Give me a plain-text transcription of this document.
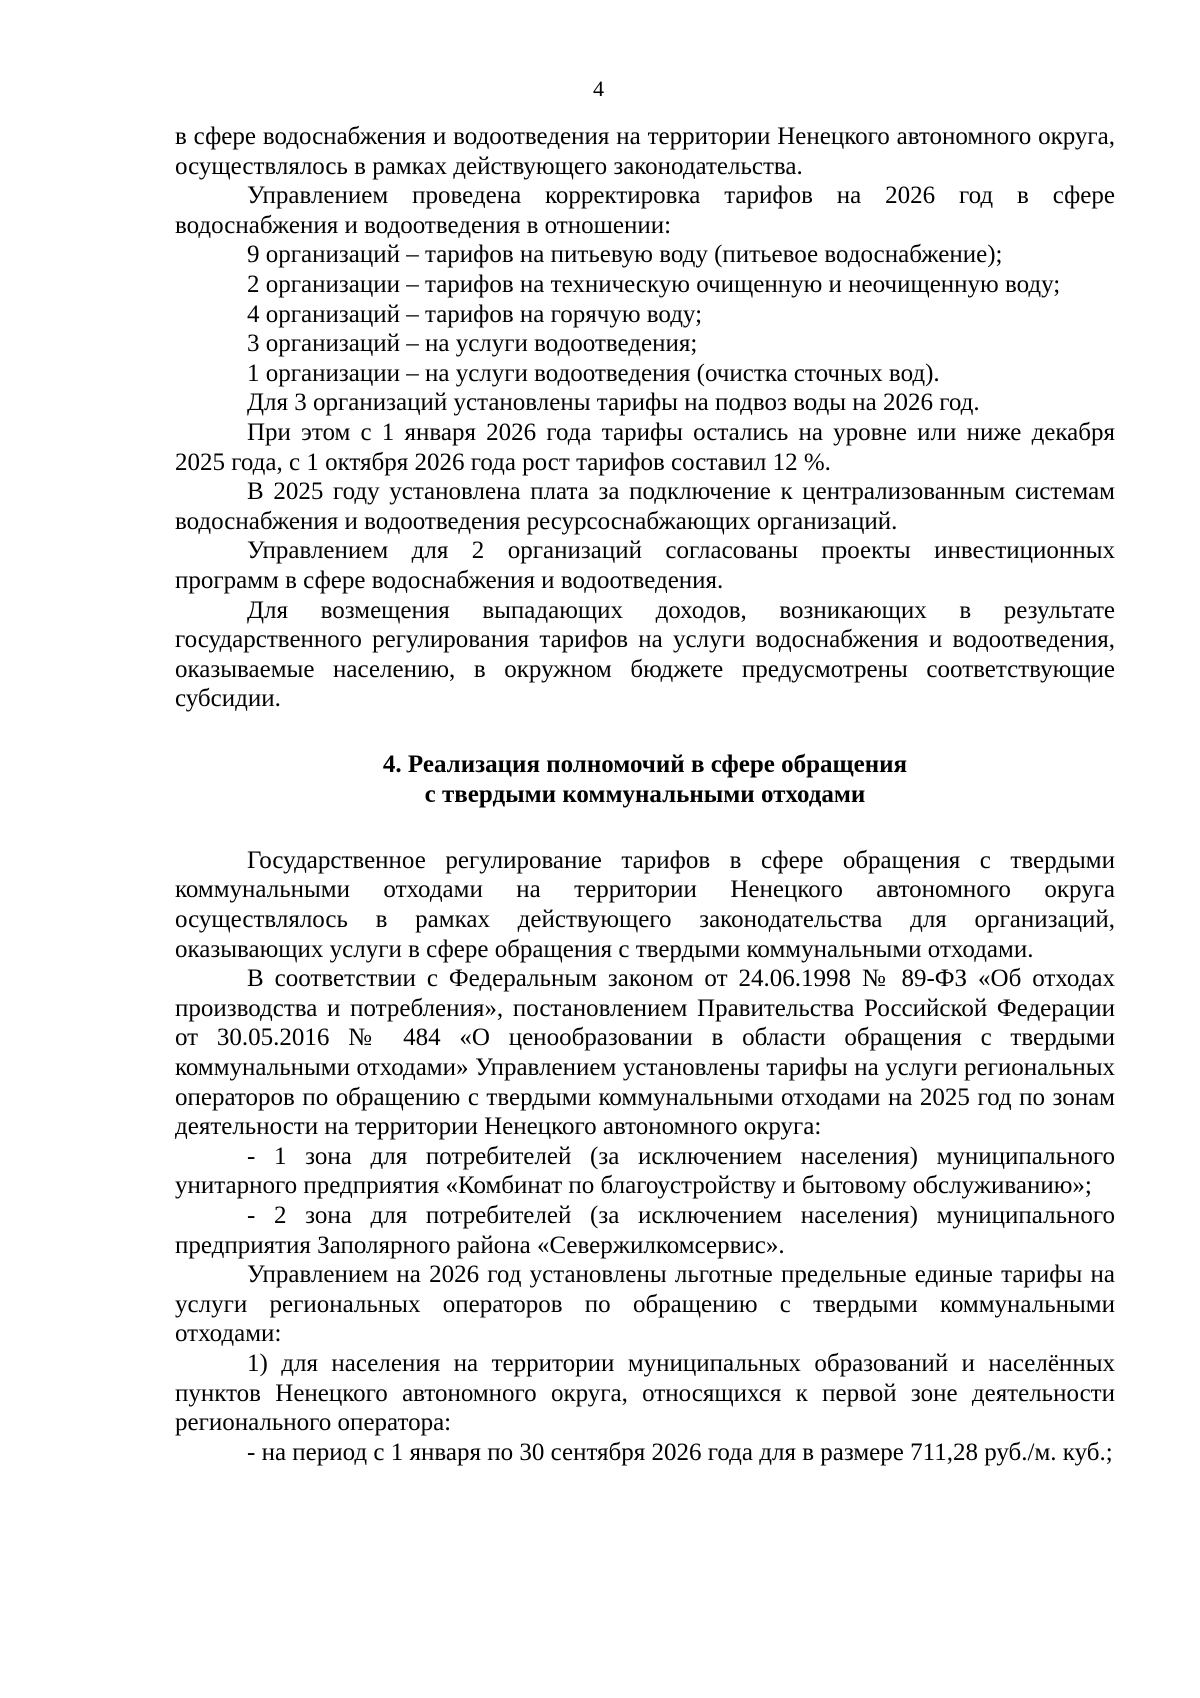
4

в сфере водоснабжения и водоотведения на территории Ненецкого автономного округа, осуществлялось в рамках действующего законодательства.

Управлением проведена корректировка тарифов на 2026 год в сфере водоснабжения и водоотведения в отношении:

9 организаций – тарифов на питьевую воду (питьевое водоснабжение);

2 организации – тарифов на техническую очищенную и неочищенную воду;

4 организаций – тарифов на горячую воду;

3 организаций – на услуги водоотведения;

1 организации – на услуги водоотведения (очистка сточных вод).

Для 3 организаций установлены тарифы на подвоз воды на 2026 год.

При этом с 1 января 2026 года тарифы остались на уровне или ниже декабря 2025 года, с 1 октября 2026 года рост тарифов составил 12 %.

В 2025 году установлена плата за подключение к централизованным системам водоснабжения и водоотведения ресурсоснабжающих организаций.

Управлением для 2 организаций согласованы проекты инвестиционных программ в сфере водоснабжения и водоотведения.

Для возмещения выпадающих доходов, возникающих в результате государственного регулирования тарифов на услуги водоснабжения и водоотведения, оказываемые населению, в окружном бюджете предусмотрены соответствующие субсидии.

4. Реализация полномочий в сфере обращения
с твердыми коммунальными отходами

Государственное регулирование тарифов в сфере обращения с твердыми коммунальными отходами на территории Ненецкого автономного округа осуществлялось в рамках действующего законодательства для организаций, оказывающих услуги в сфере обращения с твердыми коммунальными отходами.

В соответствии с Федеральным законом от 24.06.1998 № 89-ФЗ «Об отходах производства и потребления», постановлением Правительства Российской Федерации от 30.05.2016 № 484 «О ценообразовании в области обращения с твердыми коммунальными отходами» Управлением установлены тарифы на услуги региональных операторов по обращению с твердыми коммунальными отходами на 2025 год по зонам деятельности на территории Ненецкого автономного округа:

- 1 зона для потребителей (за исключением населения) муниципального унитарного предприятия «Комбинат по благоустройству и бытовому обслуживанию»;

- 2 зона для потребителей (за исключением населения) муниципального предприятия Заполярного района «Севержилкомсервис».

Управлением на 2026 год установлены льготные предельные единые тарифы на услуги региональных операторов по обращению с твердыми коммунальными отходами:

1) для населения на территории муниципальных образований и населённых пунктов Ненецкого автономного округа, относящихся к первой зоне деятельности регионального оператора:

- на период с 1 января по 30 сентября 2026 года для в размере 711,28 руб./м. куб.;
